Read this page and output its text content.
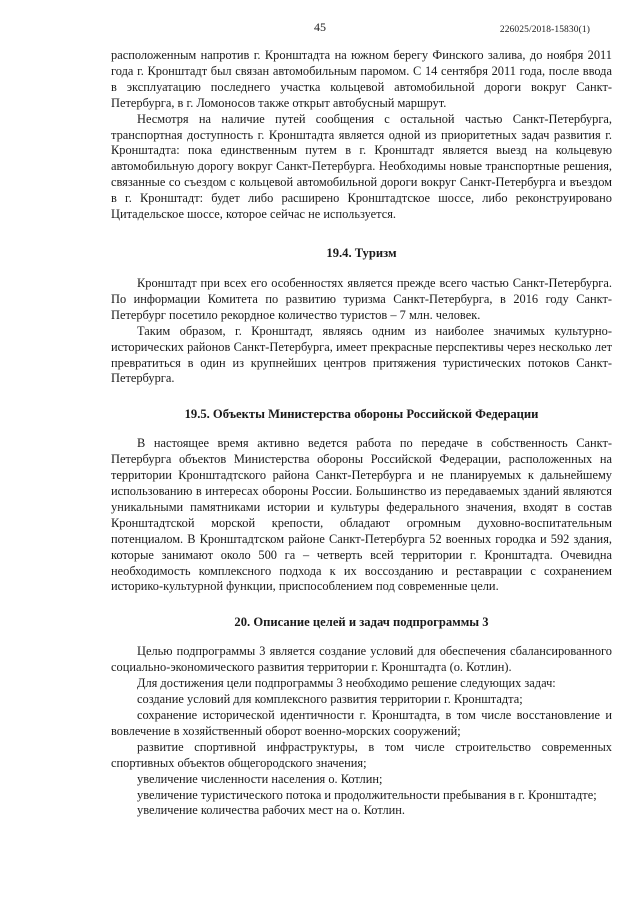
45	226025/2018-15830(1)

расположенным напротив г. Кронштадта на южном берегу Финского залива, до ноября 2011 года г. Кронштадт был связан автомобильным паромом. С 14 сентября 2011 года, после ввода в эксплуатацию последнего участка кольцевой автомобильной дороги вокруг Санкт-Петербурга, в г. Ломоносов также открыт автобусный маршрут.

Несмотря на наличие путей сообщения с остальной частью Санкт-Петербурга, транспортная доступность г. Кронштадта является одной из приоритетных задач развития г. Кронштадта: пока единственным путем в г. Кронштадт является выезд на кольцевую автомобильную дорогу вокруг Санкт-Петербурга. Необходимы новые транспортные решения, связанные со съездом с кольцевой автомобильной дороги вокруг Санкт-Петербурга и въездом в г. Кронштадт: будет либо расширено Кронштадтское шоссе, либо реконструировано Цитадельское шоссе, которое сейчас не используется.

19.4. Туризм

Кронштадт при всех его особенностях является прежде всего частью Санкт-Петербурга. По информации Комитета по развитию туризма Санкт-Петербурга, в 2016 году Санкт-Петербург посетило рекордное количество туристов – 7 млн. человек.

Таким образом, г. Кронштадт, являясь одним из наиболее значимых культурно-исторических районов Санкт-Петербурга, имеет прекрасные перспективы через несколько лет превратиться в один из крупнейших центров притяжения туристических потоков Санкт-Петербурга.

19.5. Объекты Министерства обороны Российской Федерации

В настоящее время активно ведется работа по передаче в собственность Санкт-Петербурга объектов Министерства обороны Российской Федерации, расположенных на территории Кронштадтского района Санкт-Петербурга и не планируемых к дальнейшему использованию в интересах обороны России. Большинство из передаваемых зданий являются уникальными памятниками истории и культуры федерального значения, входят в состав Кронштадтской морской крепости, обладают огромным духовно-воспитательным потенциалом. В Кронштадтском районе Санкт-Петербурга 52 военных городка и 592 здания, которые занимают около 500 га – четверть всей территории г. Кронштадта. Очевидна необходимость комплексного подхода к их воссозданию и реставрации с сохранением историко-культурной функции, приспособлением под современные цели.

20. Описание целей и задач подпрограммы 3

Целью подпрограммы 3 является создание условий для обеспечения сбалансированного социально-экономического развития территории г. Кронштадта (о. Котлин).

Для достижения цели подпрограммы 3 необходимо решение следующих задач:

создание условий для комплексного развития территории г. Кронштадта;

сохранение исторической идентичности г. Кронштадта, в том числе восстановление и вовлечение в хозяйственный оборот военно-морских сооружений;

развитие спортивной инфраструктуры, в том числе строительство современных спортивных объектов общегородского значения;

увеличение численности населения о. Котлин;

увеличение туристического потока и продолжительности пребывания в г. Кронштадте;

увеличение количества рабочих мест на о. Котлин.
